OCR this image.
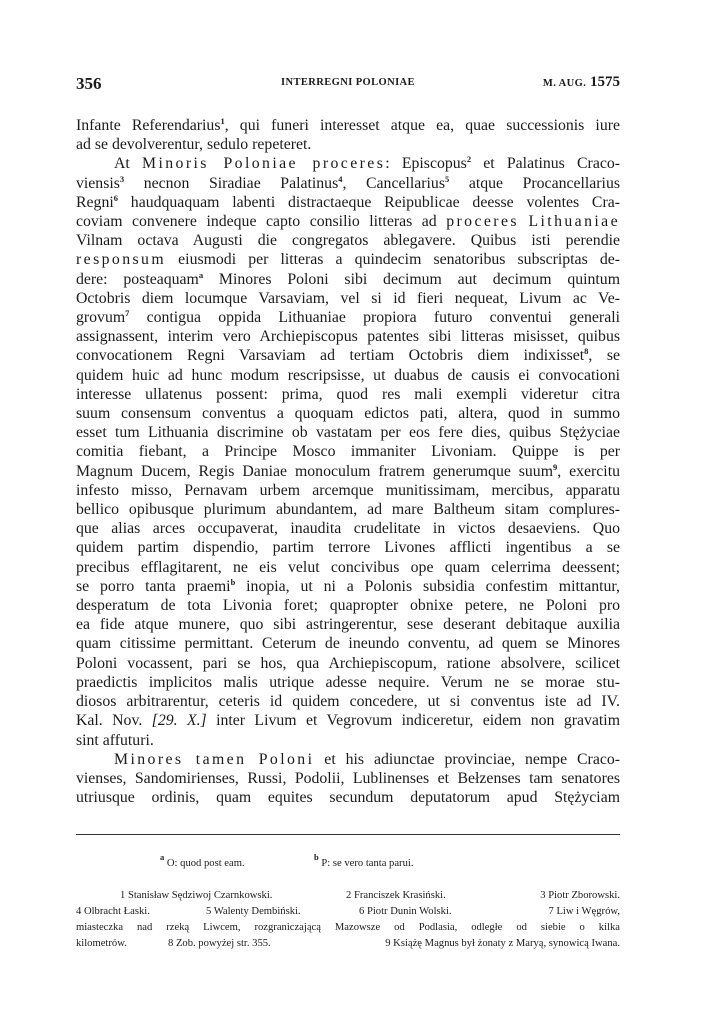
356	INTERREGNI POLONIAE	M. AUG. 1575
Infante Referendarius$^1$, qui funeri interesset atque ea, quae successionis iure
ad se devolverentur, sedulo repeteret.
At Minoris Poloniae proceres: Episcopus$^2$ et Palatinus Craco-
viensis$^3$ necnon Siradiae Palatinus$^4$, Cancellarius$^5$ atque Procancellarius
Regni$^6$ haudquaquam labenti distractaeque Reipublicae deesse volentes Cra-
coviam convenere indeque capto consilio litteras ad proceres Lithuaniae
Vilnam octava Augusti die congregatos ablegavere. Quibus isti perendie
responsum eiusmodi per litteras a quindecim senatoribus subscriptas de-
dere: posteaquam$^a$ Minores Poloni sibi decimum aut decimum quintum
Octobris diem locumque Varsaviam, vel si id fieri nequeat, Livum ac Ve-
grovum$^7$ contigua oppida Lithuaniae propiora futuro conventui generali
assignassent, interim vero Archiepiscopus patentes sibi litteras misisset, quibus
convocationem Regni Varsaviam ad tertiam Octobris diem indixisset$^8$, se
quidem huic ad hunc modum rescripsisse, ut duabus de causis ei convocationi
interesse ullatenus possent: prima, quod res mali exempli videretur citra
suum consensum conventus a quoquam edictos pati, altera, quod in summo
esset tum Lithuania discrimine ob vastatam per eos fere dies, quibus Stężyciae
comitia fiebant, a Principe Mosco immaniter Livoniam. Quippe is per
Magnum Ducem, Regis Daniae monoculum fratrem generumque suum$^9$, exercitu
infesto misso, Pernavam urbem arcemque munitissimam, mercibus, apparatu
bellico opibusque plurimum abundantem, ad mare Baltheum sitam complures-
que alias arces occupaverat, inaudita crudelitate in victos desaeviens. Quo
quidem partim dispendio, partim terrore Livones afflicti ingentibus a se
precibus efflagitarent, ne eis velut concivibus ope quam celerrima deessent;
se porro tanta praemi$^b$ inopia, ut ni a Polonis subsidia confestim mittantur,
desperatum de tota Livonia foret; quapropter obnixe petere, ne Poloni pro
ea fide atque munere, quo sibi astringerentur, sese deserant debitaque auxilia
quam citissime permittant. Ceterum de ineundo conventu, ad quem se Minores
Poloni vocassent, pari se hos, qua Archiepiscopum, ratione absolvere, scilicet
praedictis implicitos malis utrique adesse nequire. Verum ne se morae stu-
diosos arbitrarentur, ceteris id quidem concedere, ut si conventus iste ad IV.
Kal. Nov. [29. X.] inter Livum et Vegrovum indiceretur, eidem non gravatim
sint affuturi.
Minores tamen Poloni et his adiunctae provinciae, nempe Craco-
vienses, Sandomirienses, Russi, Podolii, Lublinenses et Bełzenses tam senatores
utriusque ordinis, quam equites secundum deputatorum apud Stężyciam
$^a$ O: quod post eam.
$^b$ P: se vero tanta parui.
1 Stanisław Sędziwoj Czarnkowski.	2 Franciszek Krasiński.	3 Piotr Zborowski.
4 Olbracht Łaski.	5 Walenty Dembiński.	6 Piotr Dunin Wolski.	7 Liw i Węgrów,
miasteczka nad rzeką Liwcem, rozgraniczającą Mazowsze od Podlasia, odległe od siebie o kilka
kilometrów.	8 Zob. powyżej str. 355.	9 Książę Magnus był żonaty z Maryą, synowicą Iwana.
